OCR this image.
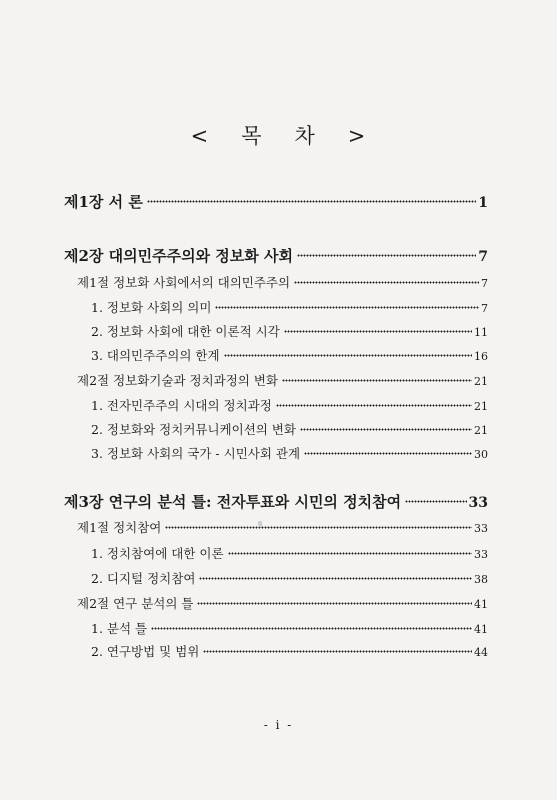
< 목 차 >
제1장 서 론	1
제2장 대의민주주의와 정보화 사회	7
제1절 정보화 사회에서의 대의민주주의	7
1. 정보화 사회의 의미	7
2. 정보화 사회에 대한 이론적 시각	11
3. 대의민주주의의 한계	16
제2절 정보화기술과 정치과정의 변화	21
1. 전자민주주의 시대의 정치과정	21
2. 정보화와 정치커뮤니케이션의 변화	21
3. 정보화 사회의 국가 - 시민사회 관계	30
제3장 연구의 분석 틀: 전자투표와 시민의 정치참여	33
제1절 정치참여	33
1. 정치참여에 대한 이론	33
2. 디지털 정치참여	38
제2절 연구 분석의 틀	41
1. 분석 틀	41
2. 연구방법 및 범위	44
- i -
